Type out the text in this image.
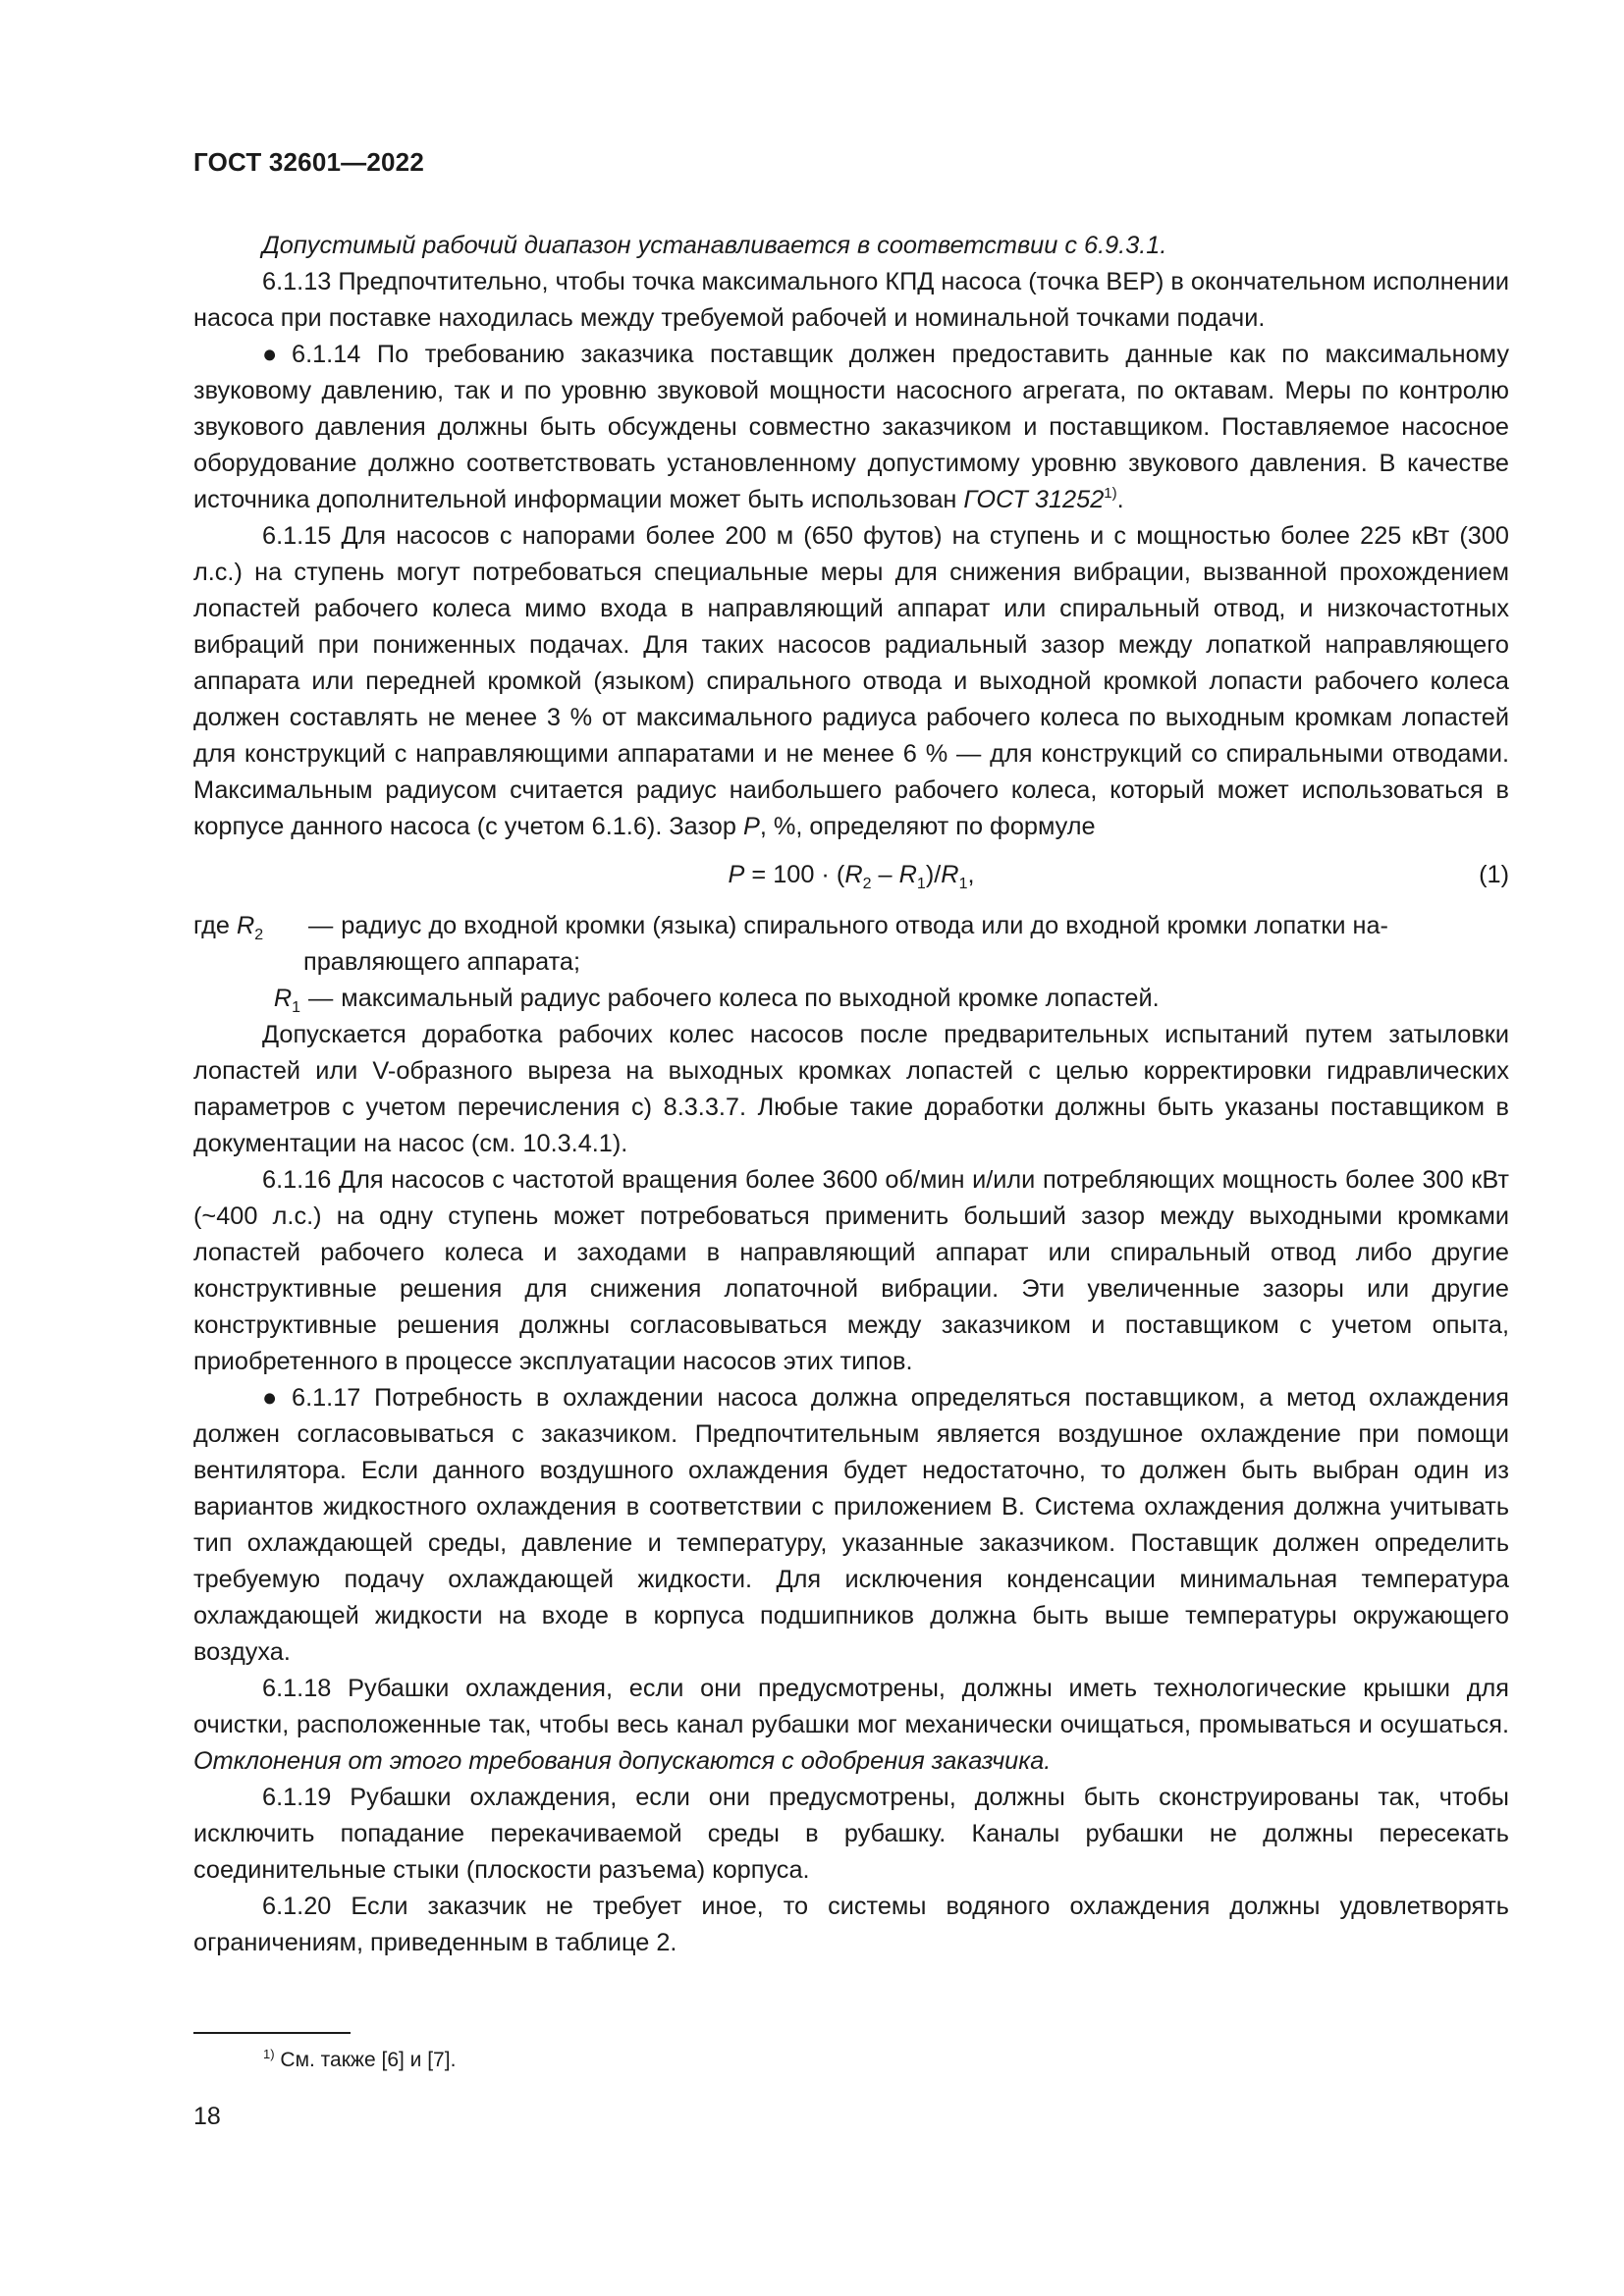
ГОСТ 32601—2022

Допустимый рабочий диапазон устанавливается в соответствии с 6.9.3.1.

6.1.13 Предпочтительно, чтобы точка максимального КПД насоса (точка ВЕР) в окончательном исполнении насоса при поставке находилась между требуемой рабочей и номинальной точками подачи.

● 6.1.14 По требованию заказчика поставщик должен предоставить данные как по максимальному звуковому давлению, так и по уровню звуковой мощности насосного агрегата, по октавам. Меры по контролю звукового давления должны быть обсуждены совместно заказчиком и поставщиком. Поставляемое насосное оборудование должно соответствовать установленному допустимому уровню звукового давления. В качестве источника дополнительной информации может быть использован ГОСТ 31252$^{1)}$.

6.1.15 Для насосов с напорами более 200 м (650 футов) на ступень и с мощностью более 225 кВт (300 л.с.) на ступень могут потребоваться специальные меры для снижения вибрации, вызванной прохождением лопастей рабочего колеса мимо входа в направляющий аппарат или спиральный отвод, и низкочастотных вибраций при пониженных подачах. Для таких насосов радиальный зазор между лопаткой направляющего аппарата или передней кромкой (языком) спирального отвода и выходной кромкой лопасти рабочего колеса должен составлять не менее 3 % от максимального радиуса рабочего колеса по выходным кромкам лопастей для конструкций с направляющими аппаратами и не менее 6 % — для конструкций со спиральными отводами. Максимальным радиусом считается радиус наибольшего рабочего колеса, который может использоваться в корпусе данного насоса (с учетом 6.1.6). Зазор P, %, определяют по формуле

$P = 100 \cdot (R_2 - R_1)/R_1$,	(1)
где $R_2$	— радиус до входной кромки (языка) спирального отвода или до входной кромки лопатки на-
правляющего аппарата;
$R_1$ — максимальный радиус рабочего колеса по выходной кромке лопастей.

Допускается доработка рабочих колес насосов после предварительных испытаний путем затыловки лопастей или V-образного выреза на выходных кромках лопастей с целью корректировки гидравлических параметров с учетом перечисления с) 8.3.3.7. Любые такие доработки должны быть указаны поставщиком в документации на насос (см. 10.3.4.1).

6.1.16 Для насосов с частотой вращения более 3600 об/мин и/или потребляющих мощность более 300 кВт (~400 л.с.) на одну ступень может потребоваться применить больший зазор между выходными кромками лопастей рабочего колеса и заходами в направляющий аппарат или спиральный отвод либо другие конструктивные решения для снижения лопаточной вибрации. Эти увеличенные зазоры или другие конструктивные решения должны согласовываться между заказчиком и поставщиком с учетом опыта, приобретенного в процессе эксплуатации насосов этих типов.

● 6.1.17 Потребность в охлаждении насоса должна определяться поставщиком, а метод охлаждения должен согласовываться с заказчиком. Предпочтительным является воздушное охлаждение при помощи вентилятора. Если данного воздушного охлаждения будет недостаточно, то должен быть выбран один из вариантов жидкостного охлаждения в соответствии с приложением В. Система охлаждения должна учитывать тип охлаждающей среды, давление и температуру, указанные заказчиком. Поставщик должен определить требуемую подачу охлаждающей жидкости. Для исключения конденсации минимальная температура охлаждающей жидкости на входе в корпуса подшипников должна быть выше температуры окружающего воздуха.

6.1.18 Рубашки охлаждения, если они предусмотрены, должны иметь технологические крышки для очистки, расположенные так, чтобы весь канал рубашки мог механически очищаться, промываться и осушаться. Отклонения от этого требования допускаются с одобрения заказчика.

6.1.19 Рубашки охлаждения, если они предусмотрены, должны быть сконструированы так, чтобы исключить попадание перекачиваемой среды в рубашку. Каналы рубашки не должны пересекать соединительные стыки (плоскости разъема) корпуса.

6.1.20 Если заказчик не требует иное, то системы водяного охлаждения должны удовлетворять ограничениям, приведенным в таблице 2.

$^{1)}$ См. также [6] и [7].
18
